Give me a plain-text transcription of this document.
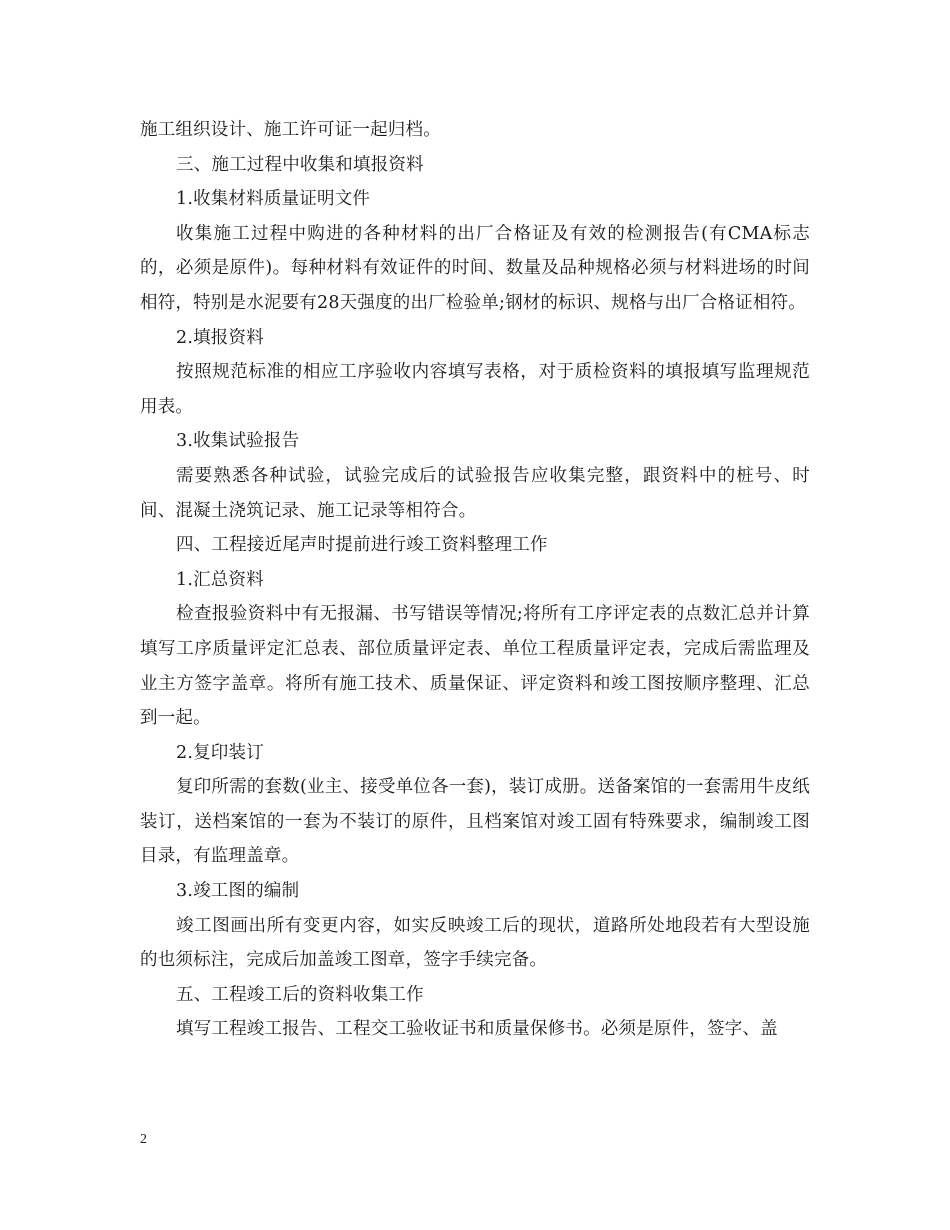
施工组织设计、施工许可证一起归档。

三、施工过程中收集和填报资料

1.收集材料质量证明文件

收集施工过程中购进的各种材料的出厂合格证及有效的检测报告(有CMA标志的，必须是原件)。每种材料有效证件的时间、数量及品种规格必须与材料进场的时间相符，特别是水泥要有28天强度的出厂检验单;钢材的标识、规格与出厂合格证相符。

2.填报资料

按照规范标准的相应工序验收内容填写表格，对于质检资料的填报填写监理规范用表。

3.收集试验报告

需要熟悉各种试验，试验完成后的试验报告应收集完整，跟资料中的桩号、时间、混凝土浇筑记录、施工记录等相符合。

四、工程接近尾声时提前进行竣工资料整理工作

1.汇总资料

检查报验资料中有无报漏、书写错误等情况;将所有工序评定表的点数汇总并计算填写工序质量评定汇总表、部位质量评定表、单位工程质量评定表，完成后需监理及业主方签字盖章。将所有施工技术、质量保证、评定资料和竣工图按顺序整理、汇总到一起。

2.复印装订

复印所需的套数(业主、接受单位各一套)，装订成册。送备案馆的一套需用牛皮纸装订，送档案馆的一套为不装订的原件，且档案馆对竣工固有特殊要求，编制竣工图目录，有监理盖章。

3.竣工图的编制

竣工图画出所有变更内容，如实反映竣工后的现状，道路所处地段若有大型设施的也须标注，完成后加盖竣工图章，签字手续完备。

五、工程竣工后的资料收集工作

填写工程竣工报告、工程交工验收证书和质量保修书。必须是原件，签字、盖

2
